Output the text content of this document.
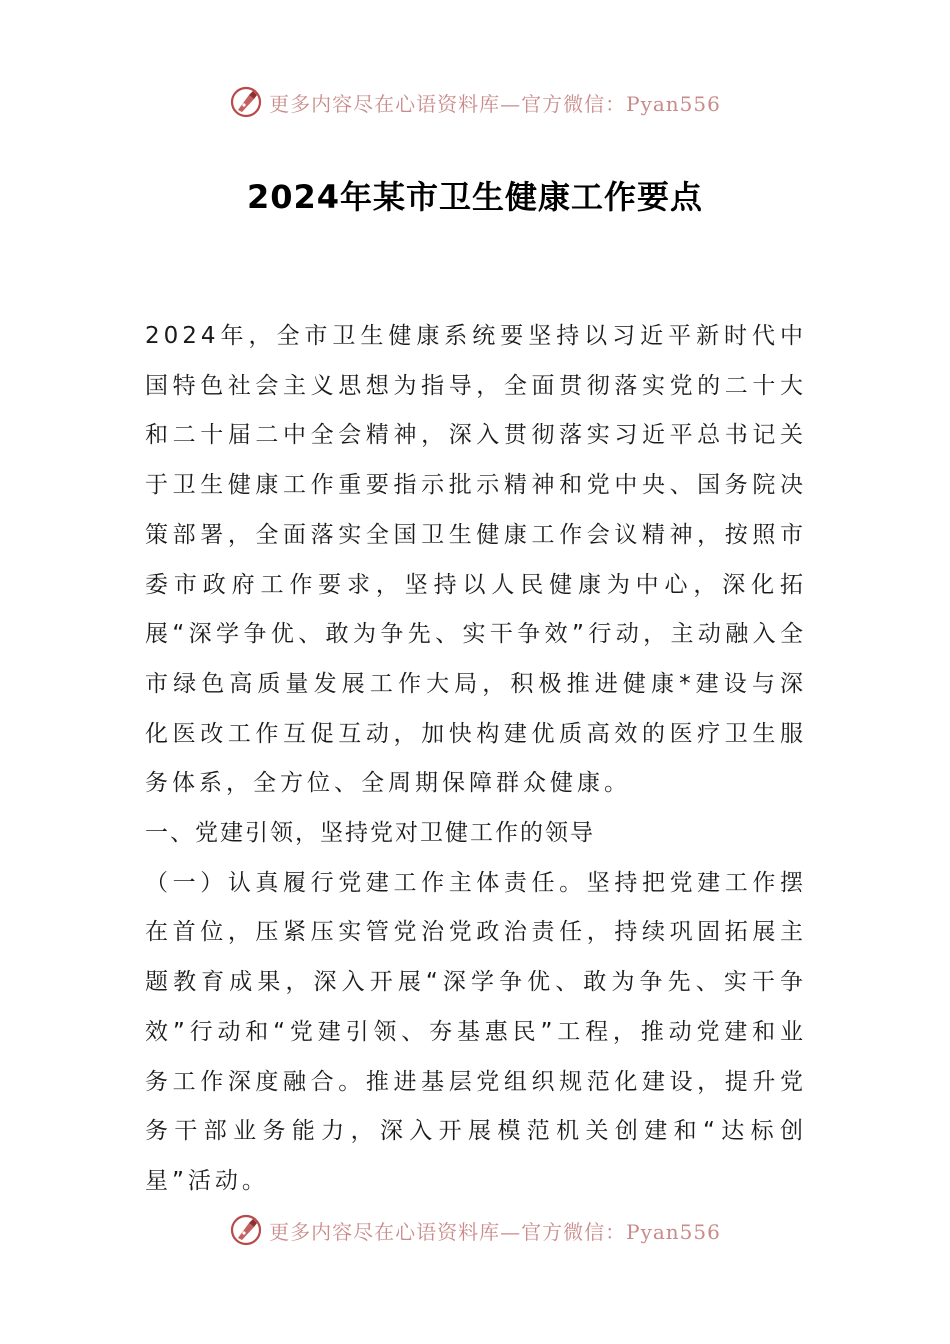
更多内容尽在心语资料库—官方微信：Pyan556
2024年某市卫生健康工作要点

2024年，全市卫生健康系统要坚持以习近平新时代中国特色社会主义思想为指导，全面贯彻落实党的二十大和二十届二中全会精神，深入贯彻落实习近平总书记关于卫生健康工作重要指示批示精神和党中央、国务院决策部署，全面落实全国卫生健康工作会议精神，按照市委市政府工作要求，坚持以人民健康为中心，深化拓展“深学争优、敢为争先、实干争效”行动，主动融入全市绿色高质量发展工作大局，积极推进健康*建设与深化医改工作互促互动，加快构建优质高效的医疗卫生服务体系，全方位、全周期保障群众健康。

一、党建引领，坚持党对卫健工作的领导

（一）认真履行党建工作主体责任。坚持把党建工作摆在首位，压紧压实管党治党政治责任，持续巩固拓展主题教育成果，深入开展“深学争优、敢为争先、实干争效”行动和“党建引领、夯基惠民”工程，推动党建和业务工作深度融合。推进基层党组织规范化建设，提升党务干部业务能力，深入开展模范机关创建和“达标创星”活动。

更多内容尽在心语资料库—官方微信：Pyan556
